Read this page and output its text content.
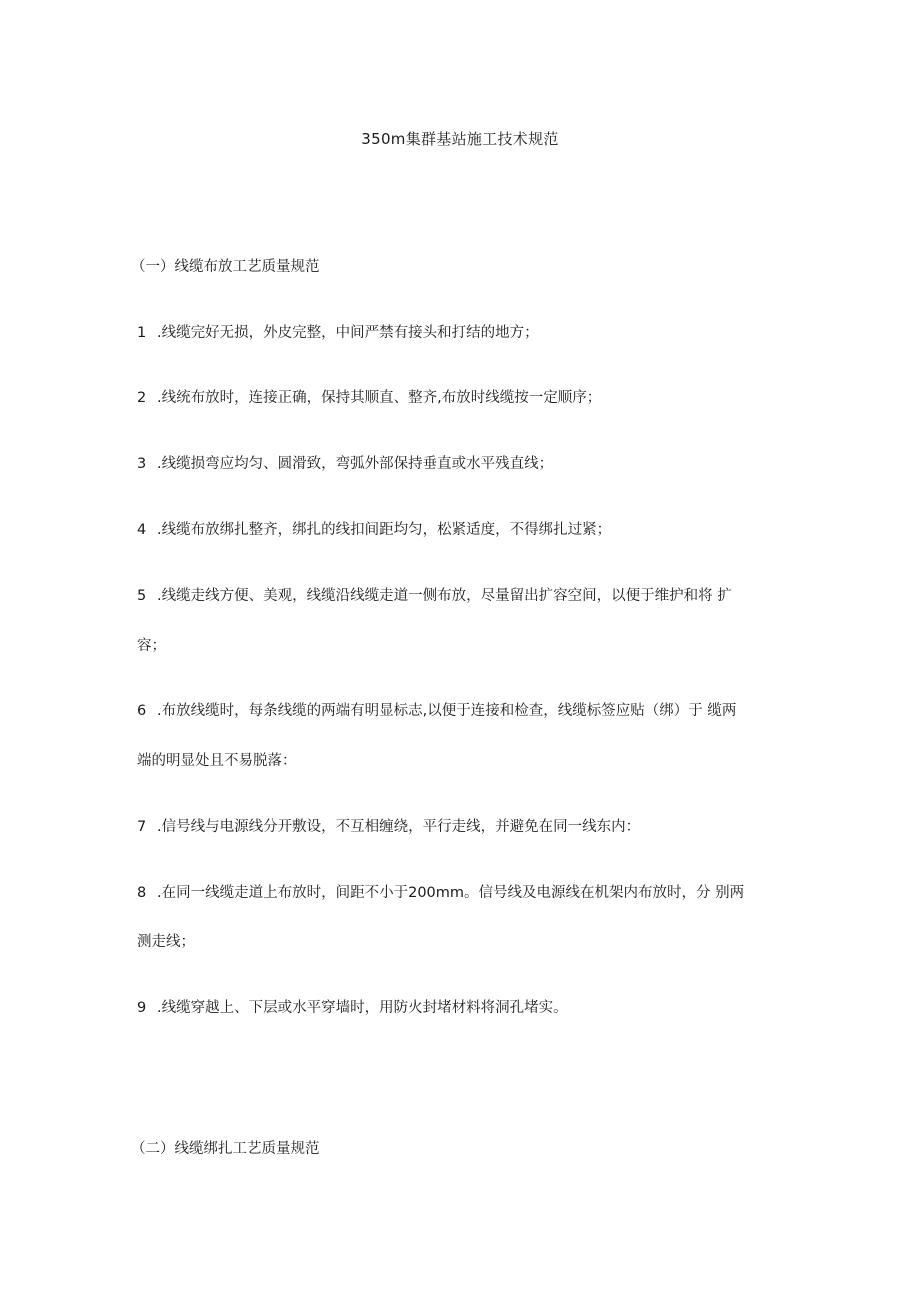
350m集群基站施工技术规范
（一）线缆布放工艺质量规范
1 .线缆完好无损，外皮完整，中间严禁有接头和打结的地方；
2 .线统布放时，连接正确，保持其顺直、整齐,布放时线缆按一定顺序；
3 .线缆损弯应均匀、圆滑致，弯弧外部保持垂直或水平残直线；
4 .线缆布放绑扎整齐，绑扎的线扣间距均匀，松紧适度，不得绑扎过紧；
5 .线缆走线方便、美观，线缆沿线缆走道一侧布放，尽量留出扩容空间，以便于维护和将 扩
容；
6 .布放线缆时，每条线缆的两端有明显标志,以便于连接和检查，线缆标签应贴（绑）于 缆两
端的明显处且不易脱落：
7 .信号线与电源线分开敷设，不互相缠绕，平行走线，并避免在同一线东内：
8 .在同一线缆走道上布放时，间距不小于200mm。信号线及电源线在机架内布放时，分 别两
测走线；
9 .线缆穿越上、下层或水平穿墙时，用防火封堵材料将洞孔堵实。
（二）线缆绑扎工艺质量规范
